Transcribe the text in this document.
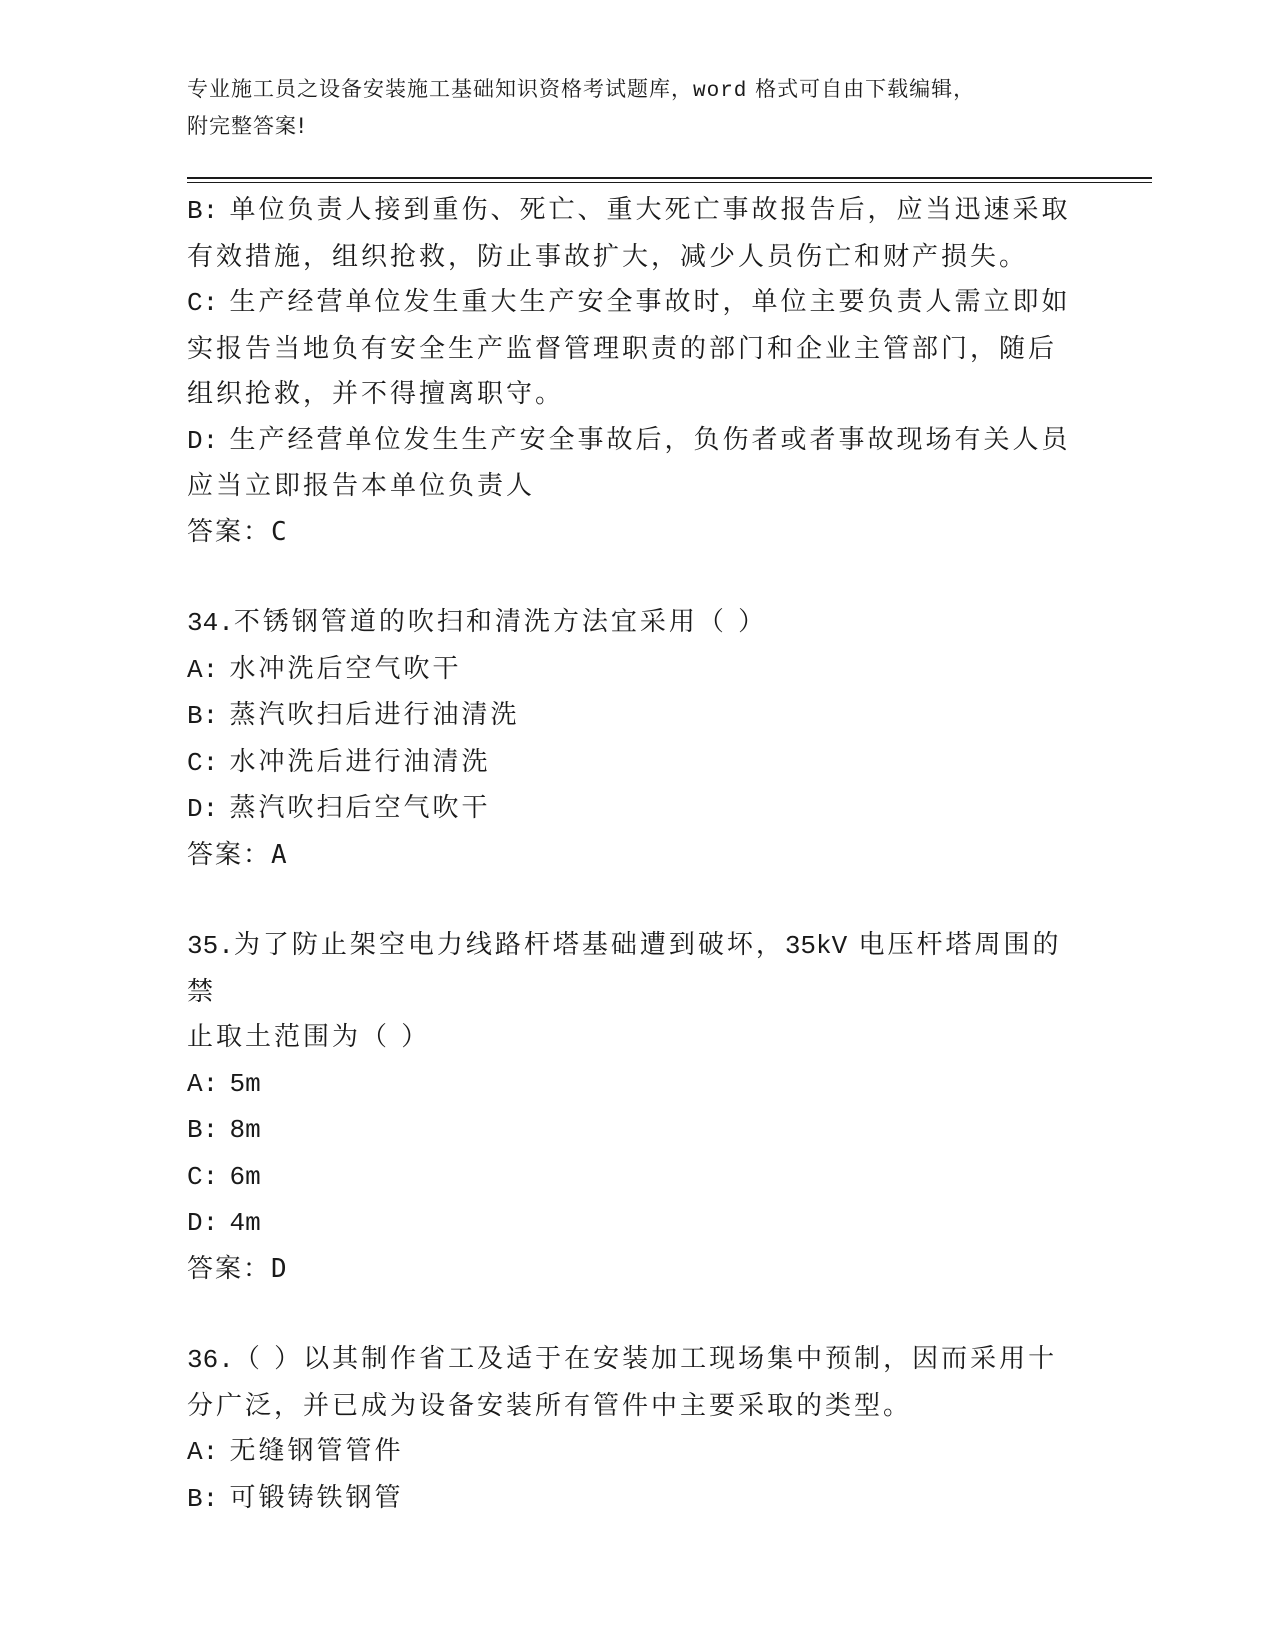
专业施工员之设备安装施工基础知识资格考试题库，word 格式可自由下载编辑，
附完整答案!

B: 单位负责人接到重伤、死亡、重大死亡事故报告后，应当迅速采取

有效措施，组织抢救，防止事故扩大，减少人员伤亡和财产损失。

C: 生产经营单位发生重大生产安全事故时，单位主要负责人需立即如

实报告当地负有安全生产监督管理职责的部门和企业主管部门，随后

组织抢救，并不得擅离职守。

D: 生产经营单位发生生产安全事故后，负伤者或者事故现场有关人员

应当立即报告本单位负责人

答案：C

34.不锈钢管道的吹扫和清洗方法宜采用（ ）

A: 水冲洗后空气吹干

B: 蒸汽吹扫后进行油清洗

C: 水冲洗后进行油清洗

D: 蒸汽吹扫后空气吹干

答案：A

35.为了防止架空电力线路杆塔基础遭到破坏，35kV 电压杆塔周围的禁

止取土范围为（ ）

A: 5m

B: 8m

C: 6m

D: 4m

答案：D

36.（ ）以其制作省工及适于在安装加工现场集中预制，因而采用十

分广泛，并已成为设备安装所有管件中主要采取的类型。

A: 无缝钢管管件

B: 可锻铸铁钢管
